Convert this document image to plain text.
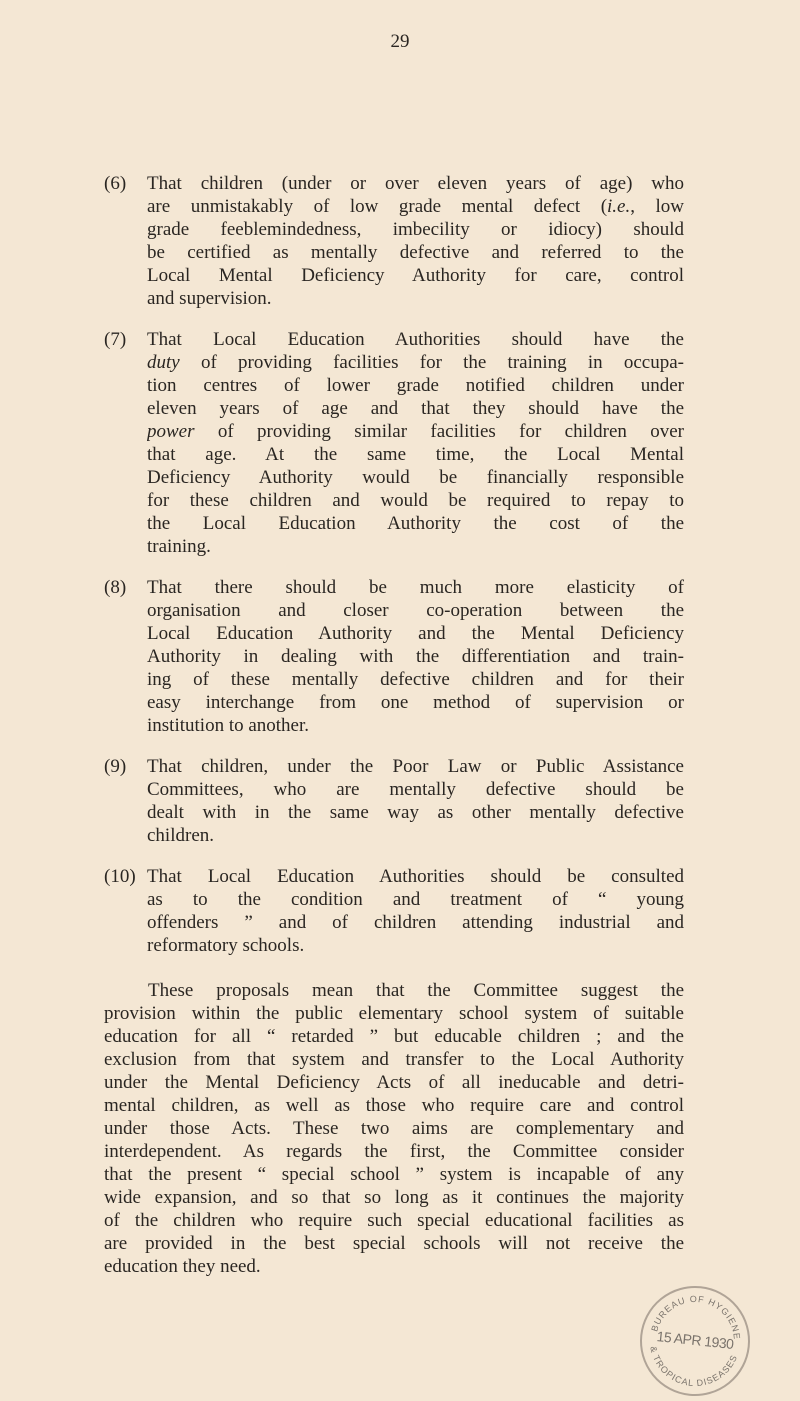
29
(6)	That children (under or over eleven years of age) who
are unmistakably of low grade mental defect (i.e., low
grade feeblemindedness, imbecility or idiocy) should
be certified as mentally defective and referred to the
Local Mental Deficiency Authority for care, control
and supervision.
(7)	That Local Education Authorities should have the
duty of providing facilities for the training in occupa-
tion centres of lower grade notified children under
eleven years of age and that they should have the
power of providing similar facilities for children over
that age. At the same time, the Local Mental
Deficiency Authority would be financially responsible
for these children and would be required to repay to
the Local Education Authority the cost of the
training.
(8)	That there should be much more elasticity of
organisation and closer co-operation between the
Local Education Authority and the Mental Deficiency
Authority in dealing with the differentiation and train-
ing of these mentally defective children and for their
easy interchange from one method of supervision or
institution to another.
(9)	That children, under the Poor Law or Public Assistance
Committees, who are mentally defective should be
dealt with in the same way as other mentally defective
children.
(10) That Local Education Authorities should be consulted
as to the condition and treatment of “ young
offenders ” and of children attending industrial and
reformatory schools.
These proposals mean that the Committee suggest the
provision within the public elementary school system of suitable
education for all “ retarded ” but educable children ; and the
exclusion from that system and transfer to the Local Authority
under the Mental Deficiency Acts of all ineducable and detri-
mental children, as well as those who require care and control
under those Acts. These two aims are complementary and
interdependent. As regards the first, the Committee consider
that the present “ special school ” system is incapable of any
wide expansion, and so that so long as it continues the majority
of the children who require such special educational facilities as
are provided in the best special schools will not receive the
education they need.
BUREAU OF HYGIENE
& TROPICAL DISEASES
15 APR 1930
